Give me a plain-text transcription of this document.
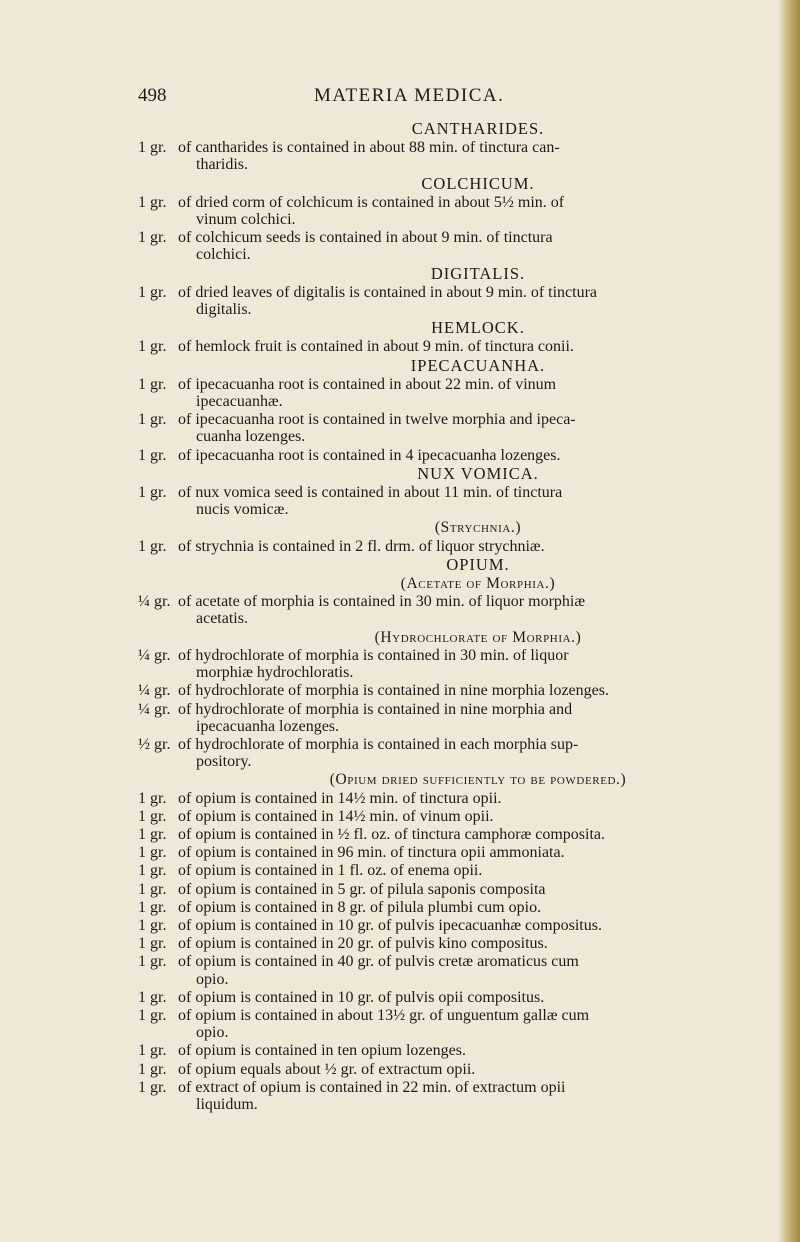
498	MATERIA MEDICA.
CANTHARIDES.
1 gr. of cantharides is contained in about 88 min. of tinctura can-
tharidis.
COLCHICUM.
1 gr. of dried corm of colchicum is contained in about 5½ min. of
vinum colchici.
1 gr. of colchicum seeds is contained in about 9 min. of tinctura
colchici.
DIGITALIS.
1 gr. of dried leaves of digitalis is contained in about 9 min. of tinctura
digitalis.
HEMLOCK.
1 gr. of hemlock fruit is contained in about 9 min. of tinctura conii.
IPECACUANHA.
1 gr. of ipecacuanha root is contained in about 22 min. of vinum
ipecacuanhæ.
1 gr. of ipecacuanha root is contained in twelve morphia and ipeca-
cuanha lozenges.
1 gr. of ipecacuanha root is contained in 4 ipecacuanha lozenges.
NUX VOMICA.
1 gr. of nux vomica seed is contained in about 11 min. of tinctura
nucis vomicæ.
(Strychnia.)
1 gr. of strychnia is contained in 2 fl. drm. of liquor strychniæ.
OPIUM.
(Acetate of Morphia.)
¼ gr. of acetate of morphia is contained in 30 min. of liquor morphiæ
acetatis.
(Hydrochlorate of Morphia.)
¼ gr. of hydrochlorate of morphia is contained in 30 min. of liquor
morphiæ hydrochloratis.
¼ gr. of hydrochlorate of morphia is contained in nine morphia lozenges.
¼ gr. of hydrochlorate of morphia is contained in nine morphia and
ipecacuanha lozenges.
½ gr. of hydrochlorate of morphia is contained in each morphia sup-
pository.
(Opium dried sufficiently to be powdered.)
1 gr. of opium is contained in 14½ min. of tinctura opii.
1 gr. of opium is contained in 14½ min. of vinum opii.
1 gr. of opium is contained in ½ fl. oz. of tinctura camphoræ composita.
1 gr. of opium is contained in 96 min. of tinctura opii ammoniata.
1 gr. of opium is contained in 1 fl. oz. of enema opii.
1 gr. of opium is contained in 5 gr. of pilula saponis composita
1 gr. of opium is contained in 8 gr. of pilula plumbi cum opio.
1 gr. of opium is contained in 10 gr. of pulvis ipecacuanhæ compositus.
1 gr. of opium is contained in 20 gr. of pulvis kino compositus.
1 gr. of opium is contained in 40 gr. of pulvis cretæ aromaticus cum
opio.
1 gr. of opium is contained in 10 gr. of pulvis opii compositus.
1 gr. of opium is contained in about 13½ gr. of unguentum gallæ cum
opio.
1 gr. of opium is contained in ten opium lozenges.
1 gr. of opium equals about ½ gr. of extractum opii.
1 gr. of extract of opium is contained in 22 min. of extractum opii
liquidum.
